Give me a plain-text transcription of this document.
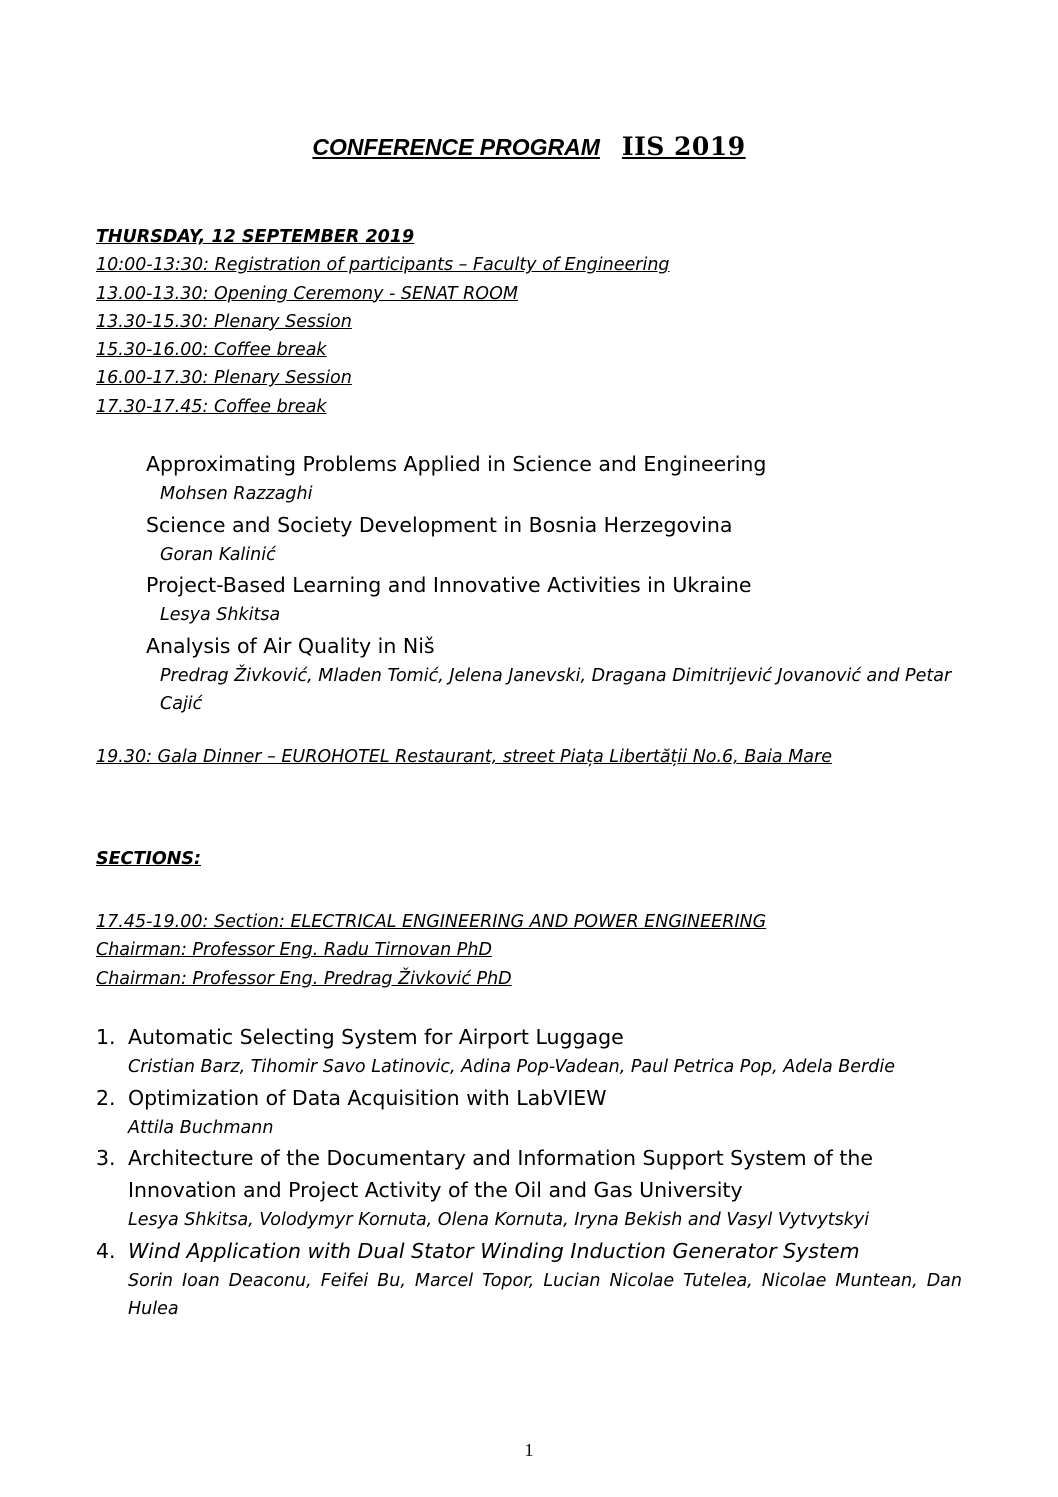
CONFERENCE PROGRAM IIS 2019
THURSDAY, 12 SEPTEMBER 2019
10:00-13:30: Registration of participants – Faculty of Engineering
13.00-13.30: Opening Ceremony - SENAT ROOM
13.30-15.30: Plenary Session
15.30-16.00: Coffee break
16.00-17.30: Plenary Session
17.30-17.45: Coffee break
Approximating Problems Applied in Science and Engineering
Mohsen Razzaghi
Science and Society Development in Bosnia Herzegovina
Goran Kalinić
Project-Based Learning and Innovative Activities in Ukraine
Lesya Shkitsa
Analysis of Air Quality in Niš
Predrag Živković, Mladen Tomić, Jelena Janevski, Dragana Dimitrijević Jovanović and Petar Cajić
19.30: Gala Dinner – EUROHOTEL Restaurant, street Piața Libertății No.6, Baia Mare
SECTIONS:
17.45-19.00: Section: ELECTRICAL ENGINEERING AND POWER ENGINEERING
Chairman: Professor Eng. Radu Tirnovan PhD
Chairman: Professor Eng. Predrag Živković PhD
1. Automatic Selecting System for Airport Luggage
Cristian Barz, Tihomir Savo Latinovic, Adina Pop-Vadean, Paul Petrica Pop, Adela Berdie
2. Optimization of Data Acquisition with LabVIEW
Attila Buchmann
3. Architecture of the Documentary and Information Support System of the Innovation and Project Activity of the Oil and Gas University
Lesya Shkitsa, Volodymyr Kornuta, Olena Kornuta, Iryna Bekish and Vasyl Vytvytskyi
4. Wind Application with Dual Stator Winding Induction Generator System
Sorin Ioan Deaconu, Feifei Bu, Marcel Topor, Lucian Nicolae Tutelea, Nicolae Muntean, Dan Hulea
1
